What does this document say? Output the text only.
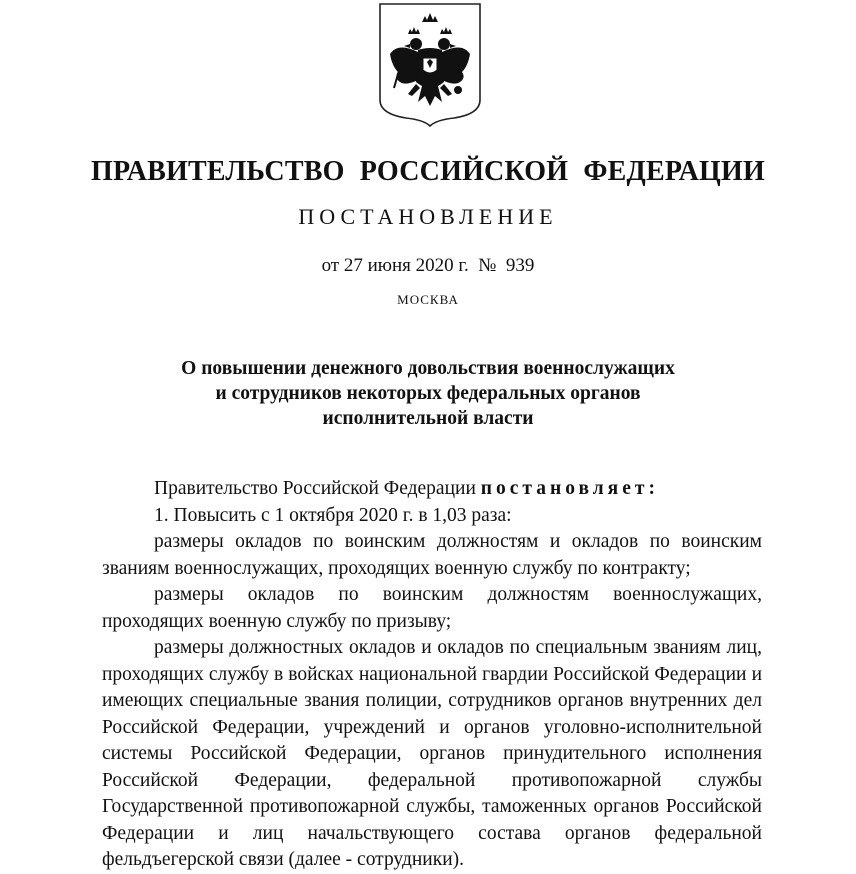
ПРАВИТЕЛЬСТВО РОССИЙСКОЙ ФЕДЕРАЦИИ
ПОСТАНОВЛЕНИЕ
от 27 июня 2020 г.  №  939
МОСКВА
О повышении денежного довольствия военнослужащих
и сотрудников некоторых федеральных органов
исполнительной власти

Правительство Российской Федерации постановляет:

1. Повысить с 1 октября 2020 г. в 1,03 раза:

размеры окладов по воинским должностям и окладов по воинским званиям военнослужащих, проходящих военную службу по контракту;

размеры окладов по воинским должностям военнослужащих, проходящих военную службу по призыву;

размеры должностных окладов и окладов по специальным званиям лиц, проходящих службу в войсках национальной гвардии Российской Федерации и имеющих специальные звания полиции, сотрудников органов внутренних дел Российской Федерации, учреждений и органов уголовно-исполнительной системы Российской Федерации, органов принудительного исполнения Российской Федерации, федеральной противопожарной службы Государственной противопожарной службы, таможенных органов Российской Федерации и лиц начальствующего состава органов федеральной фельдъегерской связи (далее - сотрудники).
